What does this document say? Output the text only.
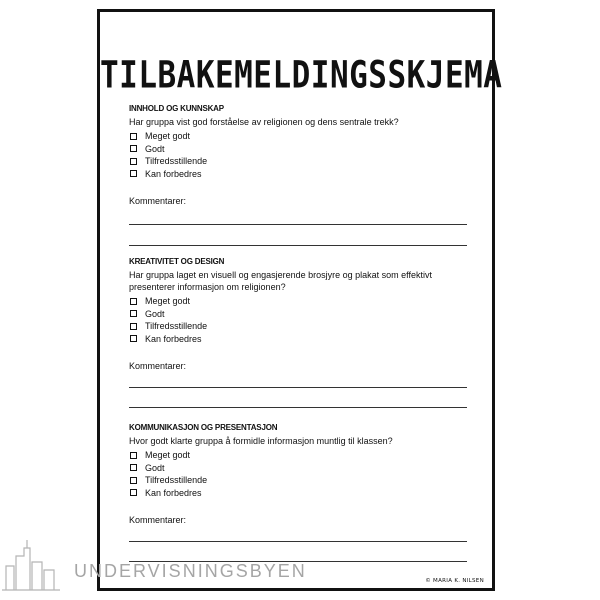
TILBAKEMELDINGSSKJEMA
INNHOLD OG KUNNSKAP

Har gruppa vist god forståelse av religionen og dens sentrale trekk?

Meget godt
Godt
Tilfredsstillende
Kan forbedres
Kommentarer:
KREATIVITET OG DESIGN

Har gruppa laget en visuell og engasjerende brosjyre og plakat som effektivt

presenterer informasjon om religionen?

Meget godt
Godt
Tilfredsstillende
Kan forbedres
Kommentarer:
KOMMUNIKASJON OG PRESENTASJON

Hvor godt klarte gruppa å formidle informasjon muntlig til klassen?

Meget godt
Godt
Tilfredsstillende
Kan forbedres
Kommentarer:
© MARIA K. NILSEN
UNDERVISNINGSBYEN
